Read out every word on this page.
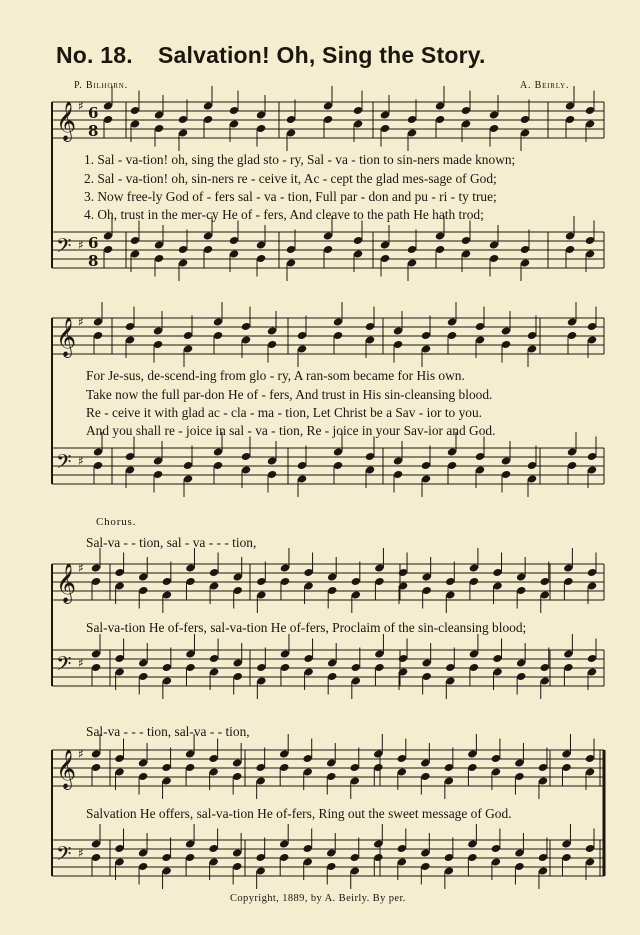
No. 18. Salvation! Oh, Sing the Story.
P. Bilhorn.	A. Beirly.
𝄞 ♯ 6
8
𝄢 ♯ 6
8
𝄞 ♯
𝄢 ♯
𝄞 ♯
𝄢 ♯
𝄞 ♯
𝄢 ♯
1. Sal - va-tion! oh, sing the glad sto - ry, Sal - va - tion to sin-ners made known;
2. Sal - va-tion! oh, sin-ners re - ceive it, Ac - cept the glad mes-sage of God;
3. Now free-ly God of - fers sal - va - tion, Full par - don and pu - ri - ty true;
4. Oh, trust in the mer-cy He of - fers, And cleave to the path He hath trod;
For Je-sus, de-scend-ing from glo - ry, A ran-som became for His own.
Take now the full par-don He of - fers, And trust in His sin-cleansing blood.
Re - ceive it with glad ac - cla - ma - tion, Let Christ be a Sav - ior to you.
And you shall re - joice in sal - va - tion, Re - joice in your Sav-ior and God.
Chorus.
Sal-va - - tion, sal - va - - - tion,
Sal-va-tion He of-fers, sal-va-tion He of-fers, Proclaim of the sin-cleansing blood;
Sal-va - - - tion, sal-va - - tion,
Salvation He offers, sal-va-tion He of-fers, Ring out the sweet message of God.
Copyright, 1889, by A. Beirly. By per.
